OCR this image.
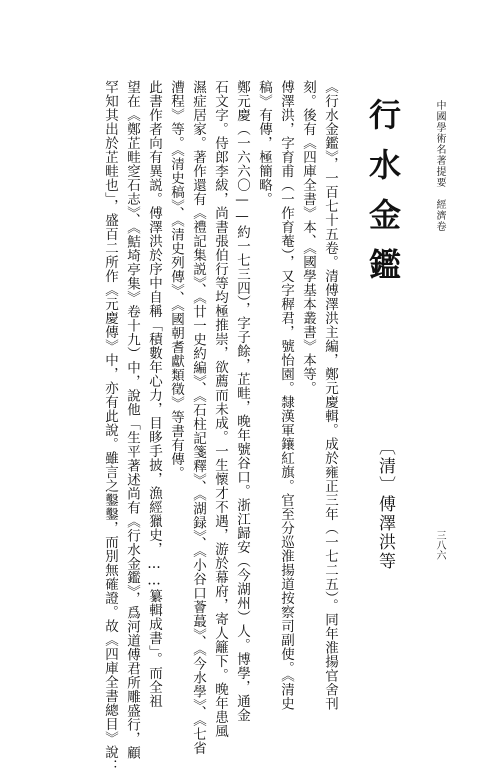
中國學術名著提要　經濟卷
行水金鑑
〔清〕傅澤洪等
《行水金鑑》，一百七十五卷。清傅澤洪主編，鄭元慶輯。成於雍正三年（一七二五）。同年淮揚官舍刊
刻。後有《四庫全書》本、《國學基本叢書》本等。
傅澤洪，字育甫（一作育菴），又字稺君，號怡園。隸漢軍鑲紅旗。官至分巡淮揚道按察司副使。《清史
稿》有傳，極簡略。
鄭元慶（一六六〇——約一七三四），字子餘，芷畦，晚年號谷口。浙江歸安（今湖州）人。博學，通金
石文字。侍郎李紱，尚書張伯行等均極推崇，欲薦而未成。一生懷才不遇，游於幕府，寄人籬下。晚年患風
濕症居家。著作還有《禮記集説》、《廿一史約編》、《石柱記箋釋》、《湖録》、《小谷口薈蕞》、《今水學》、《七省
漕程》等。《清史稿》、《清史列傳》、《國朝耆獻類徵》等書有傳。
此書作者向有異説。傅澤洪於序中自稱「積數年心力，目眵手披，漁經獵史，……纂輯成書」。而全祖
望在《鄭芷畦窆石志》、《鮚埼亭集》卷十九）中，說他「生平著述尚有《行水金鑑》，爲河道傅君所雕盛行，顧
罕知其出於芷畦也」，盛百二所作《元慶傳》中，亦有此說。雖言之鑿鑿，而別無確證。故《四庫全書總目》說：	三八六
